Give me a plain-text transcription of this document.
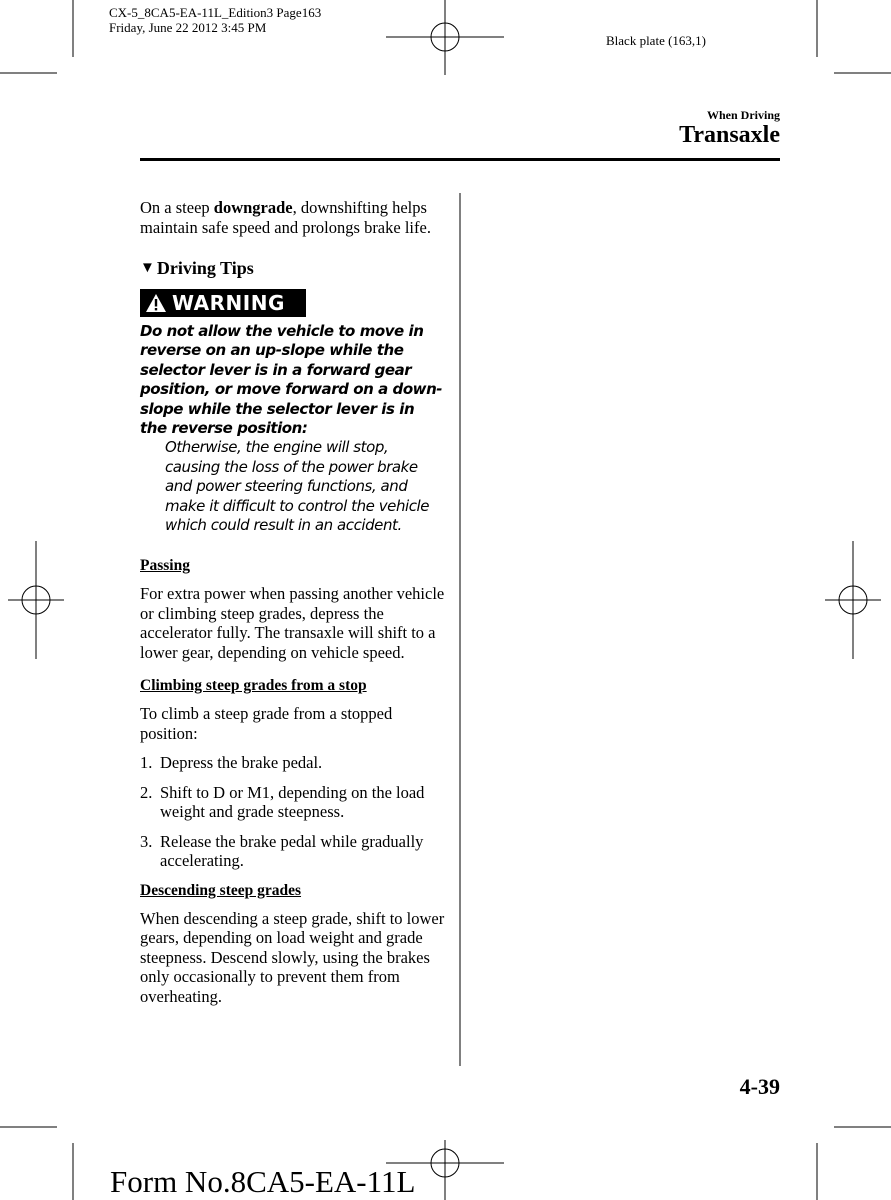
CX-5_8CA5-EA-11L_Edition3 Page163
Friday, June 22 2012 3:45 PM
Black plate (163,1)
When Driving
Transaxle

On a steep downgrade, downshifting helps maintain safe speed and prolongs brake life.

▼ Driving Tips
WARNING

Do not allow the vehicle to move in reverse on an up-slope while the selector lever is in a forward gear position, or move forward on a down-slope while the selector lever is in the reverse position:

Otherwise, the engine will stop, causing the loss of the power brake and power steering functions, and make it difficult to control the vehicle which could result in an accident.

Passing

For extra power when passing another vehicle or climbing steep grades, depress the accelerator fully. The transaxle will shift to a lower gear, depending on vehicle speed.

Climbing steep grades from a stop

To climb a steep grade from a stopped position:

1. Depress the brake pedal.
2. Shift to D or M1, depending on the load weight and grade steepness.
3. Release the brake pedal while gradually accelerating.
Descending steep grades

When descending a steep grade, shift to lower gears, depending on load weight and grade steepness. Descend slowly, using the brakes only occasionally to prevent them from overheating.

4-39
Form No.8CA5-EA-11L
